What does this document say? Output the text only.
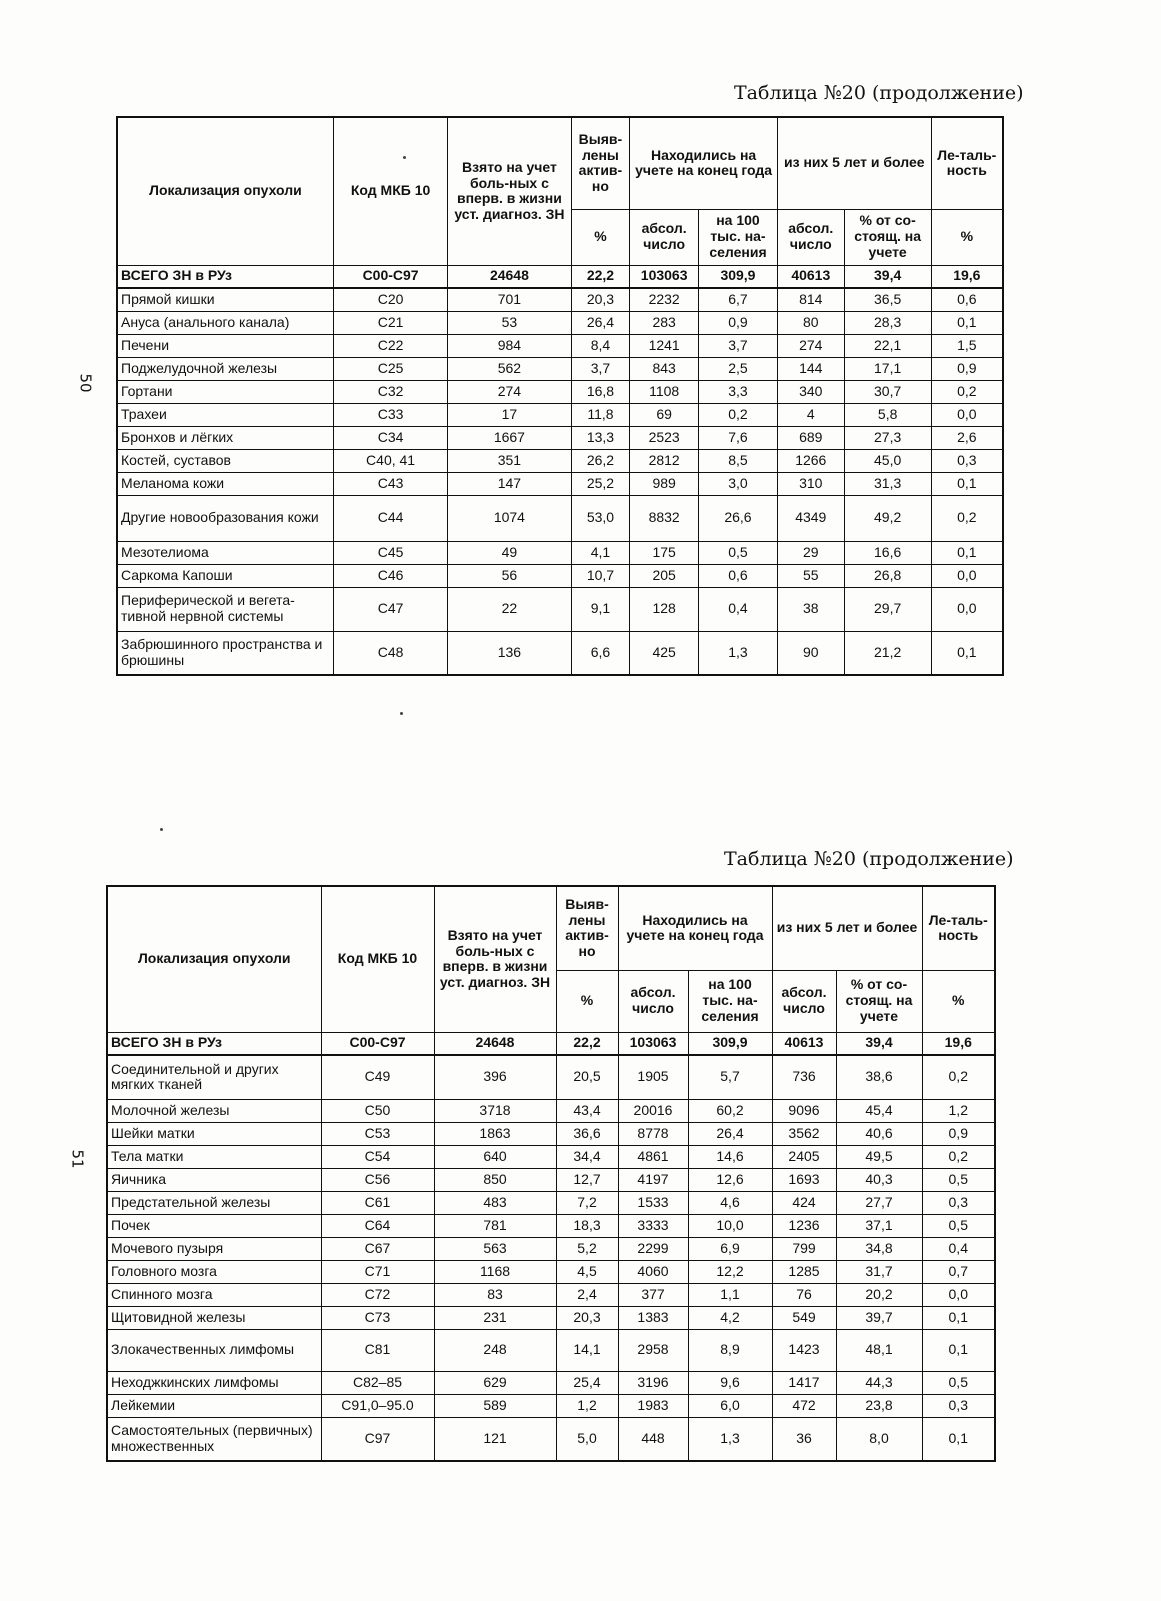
50
51
Таблица №20 (продолжение)
Локализация опухоли	Код МКБ 10	Взято на учет боль-ных с вперв. в жизни уст. диагноз. ЗН	Выяв-лены актив-но	Находились на учете на конец года		из них 5 лет и более		Ле-таль-ность
			%	абсол. число	на 100 тыс. на-селения	абсол. число	% от со-стоящ. на учете	%
ВСЕГО ЗН в РУз	С00-С97	24648	22,2	103063	309,9	40613	39,4	19,6
Прямой кишки	С20	701	20,3	2232	6,7	814	36,5	0,6
Ануса (анального канала)	С21	53	26,4	283	0,9	80	28,3	0,1
Печени	С22	984	8,4	1241	3,7	274	22,1	1,5
Поджелудочной железы	С25	562	3,7	843	2,5	144	17,1	0,9
Гортани	С32	274	16,8	1108	3,3	340	30,7	0,2
Трахеи	С33	17	11,8	69	0,2	4	5,8	0,0
Бронхов и лёгких	С34	1667	13,3	2523	7,6	689	27,3	2,6
Костей, суставов	С40, 41	351	26,2	2812	8,5	1266	45,0	0,3
Меланома кожи	С43	147	25,2	989	3,0	310	31,3	0,1
Другие новообразования кожи	С44	1074	53,0	8832	26,6	4349	49,2	0,2
Мезотелиома	С45	49	4,1	175	0,5	29	16,6	0,1
Саркома Капоши	С46	56	10,7	205	0,6	55	26,8	0,0
Периферической и вегета-тивной нервной системы	С47	22	9,1	128	0,4	38	29,7	0,0
Забрюшинного пространства и брюшины	С48	136	6,6	425	1,3	90	21,2	0,1
Таблица №20 (продолжение)
Локализация опухоли	Код МКБ 10	Взято на учет боль-ных с вперв. в жизни уст. диагноз. ЗН	Выяв-лены актив-но	Находились на учете на конец года		из них 5 лет и более		Ле-таль-ность
			%	абсол. число	на 100 тыс. на-селения	абсол. число	% от со-стоящ. на учете	%
ВСЕГО ЗН в РУз	С00-С97	24648	22,2	103063	309,9	40613	39,4	19,6
Соединительной и других мягких тканей	С49	396	20,5	1905	5,7	736	38,6	0,2
Молочной железы	С50	3718	43,4	20016	60,2	9096	45,4	1,2
Шейки матки	С53	1863	36,6	8778	26,4	3562	40,6	0,9
Тела матки	С54	640	34,4	4861	14,6	2405	49,5	0,2
Яичника	С56	850	12,7	4197	12,6	1693	40,3	0,5
Предстательной железы	С61	483	7,2	1533	4,6	424	27,7	0,3
Почек	С64	781	18,3	3333	10,0	1236	37,1	0,5
Мочевого пузыря	С67	563	5,2	2299	6,9	799	34,8	0,4
Головного мозга	С71	1168	4,5	4060	12,2	1285	31,7	0,7
Спинного мозга	С72	83	2,4	377	1,1	76	20,2	0,0
Щитовидной железы	С73	231	20,3	1383	4,2	549	39,7	0,1
Злокачественных лимфомы	С81	248	14,1	2958	8,9	1423	48,1	0,1
Неходжкинских лимфомы	С82–85	629	25,4	3196	9,6	1417	44,3	0,5
Лейкемии	С91,0–95.0	589	1,2	1983	6,0	472	23,8	0,3
Самостоятельных (первичных) множественных	С97	121	5,0	448	1,3	36	8,0	0,1
